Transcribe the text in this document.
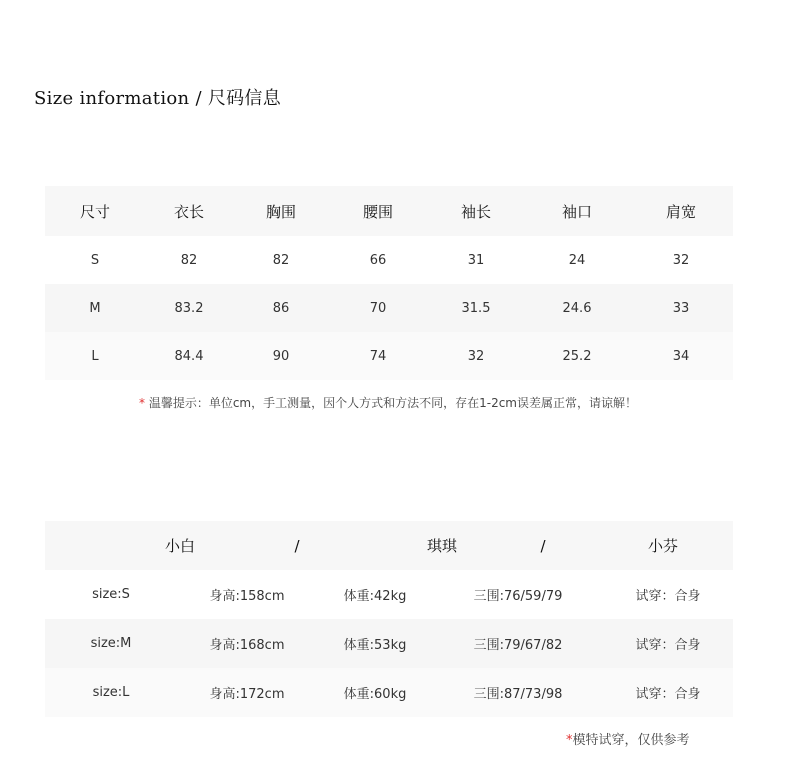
Size information / 尺码信息
尺寸	衣长	胸围	腰围	袖长	袖口	肩宽
S	82	82	66	31	24	32
M	83.2	86	70	31.5	24.6	33
L	84.4	90	74	32	25.2	34
* 温馨提示：单位cm，手工测量，因个人方式和方法不同，存在1-2cm误差属正常，请谅解！
小白	/	琪琪	/	小芬
size:S	身高:158cm	体重:42kg	三围:76/59/79	试穿：合身
size:M	身高:168cm	体重:53kg	三围:79/67/82	试穿：合身
size:L	身高:172cm	体重:60kg	三围:87/73/98	试穿：合身
*模特试穿，仅供参考
